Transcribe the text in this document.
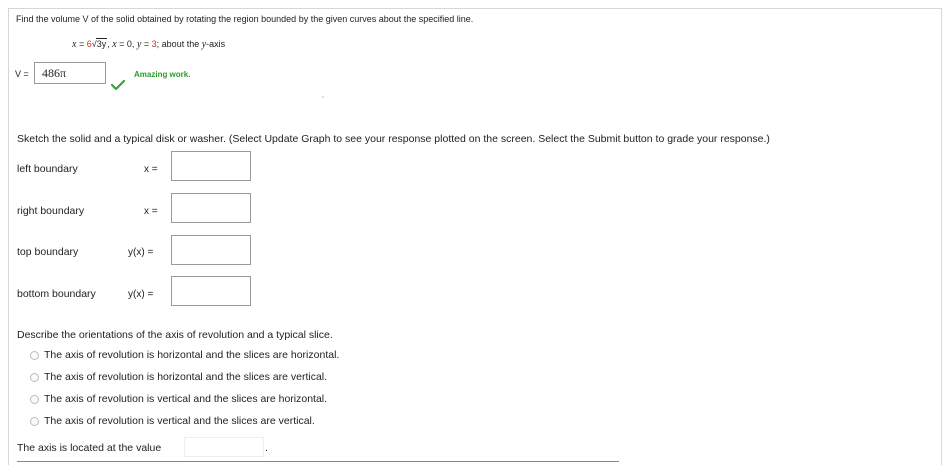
Find the volume V of the solid obtained by rotating the region bounded by the given curves about the specified line.
x = 6√3y, x = 0, y = 3; about the y-axis
V =	486π	Amazing work.
Sketch the solid and a typical disk or washer. (Select Update Graph to see your response plotted on the screen. Select the Submit button to grade your response.)
left boundary	x =
right boundary	x =
top boundary	y(x) =
bottom boundary	y(x) =
Describe the orientations of the axis of revolution and a typical slice.
The axis of revolution is horizontal and the slices are horizontal.
The axis of revolution is horizontal and the slices are vertical.
The axis of revolution is vertical and the slices are horizontal.
The axis of revolution is vertical and the slices are vertical.
The axis is located at the value	.
